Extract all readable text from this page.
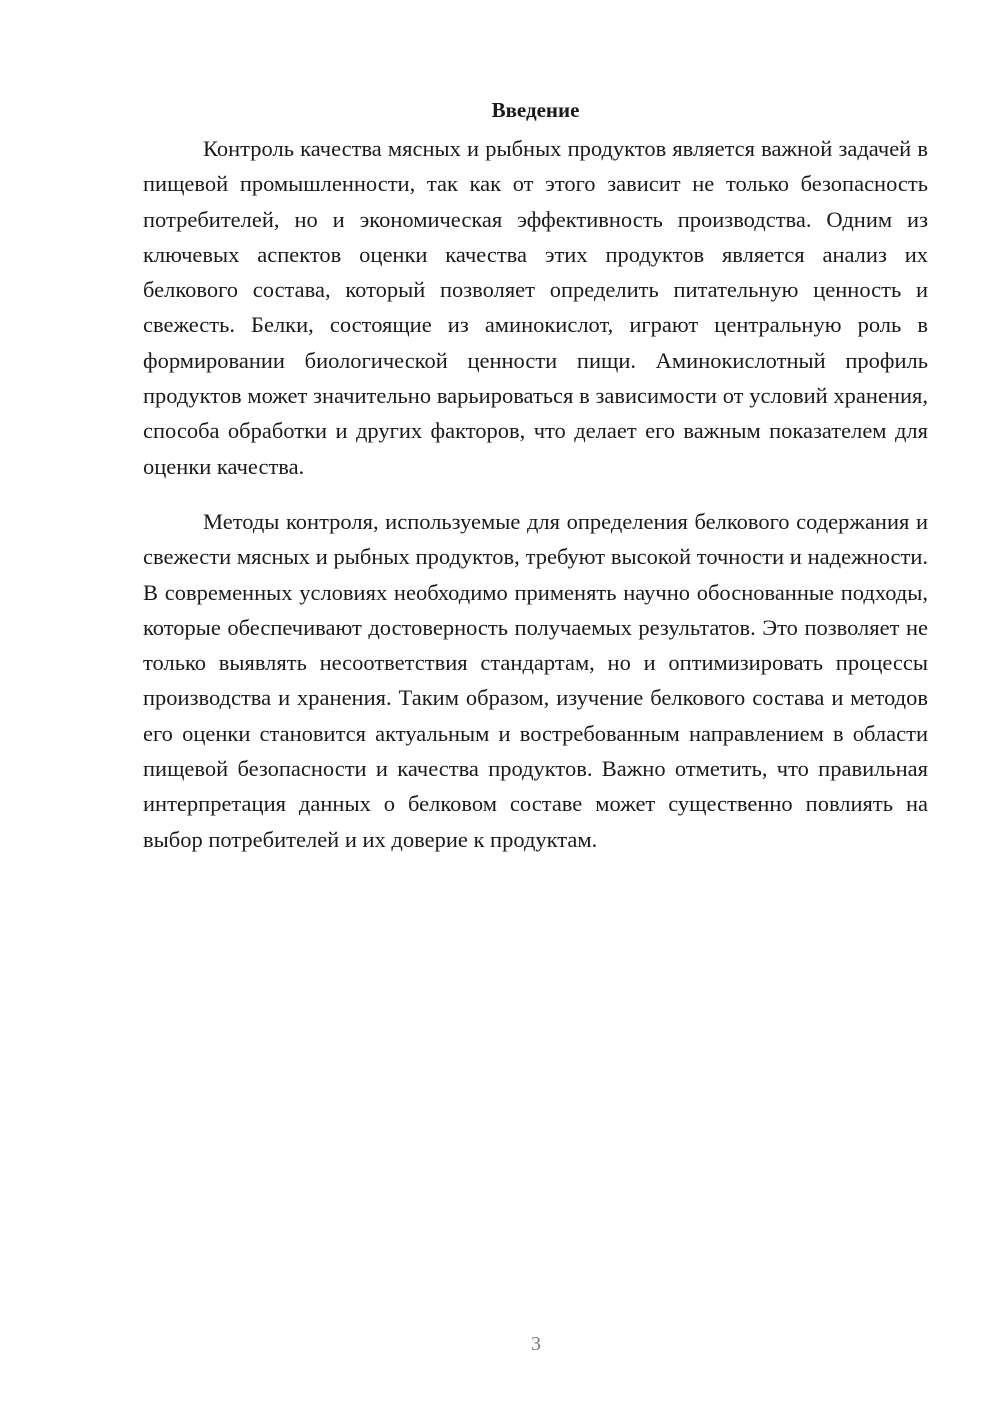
Введение

Контроль качества мясных и рыбных продуктов является важной задачей в пищевой промышленности, так как от этого зависит не только безопасность потребителей, но и экономическая эффективность производства. Одним из ключевых аспектов оценки качества этих продуктов является анализ их белкового состава, который позволяет определить питательную ценность и свежесть. Белки, состоящие из аминокислот, играют центральную роль в формировании биологической ценности пищи. Аминокислотный профиль продуктов может значительно варьироваться в зависимости от условий хранения, способа обработки и других факторов, что делает его важным показателем для оценки качества.

Методы контроля, используемые для определения белкового содержания и свежести мясных и рыбных продуктов, требуют высокой точности и надежности. В современных условиях необходимо применять научно обоснованные подходы, которые обеспечивают достоверность получаемых результатов. Это позволяет не только выявлять несоответствия стандартам, но и оптимизировать процессы производства и хранения. Таким образом, изучение белкового состава и методов его оценки становится актуальным и востребованным направлением в области пищевой безопасности и качества продуктов. Важно отметить, что правильная интерпретация данных о белковом составе может существенно повлиять на выбор потребителей и их доверие к продуктам.

3
